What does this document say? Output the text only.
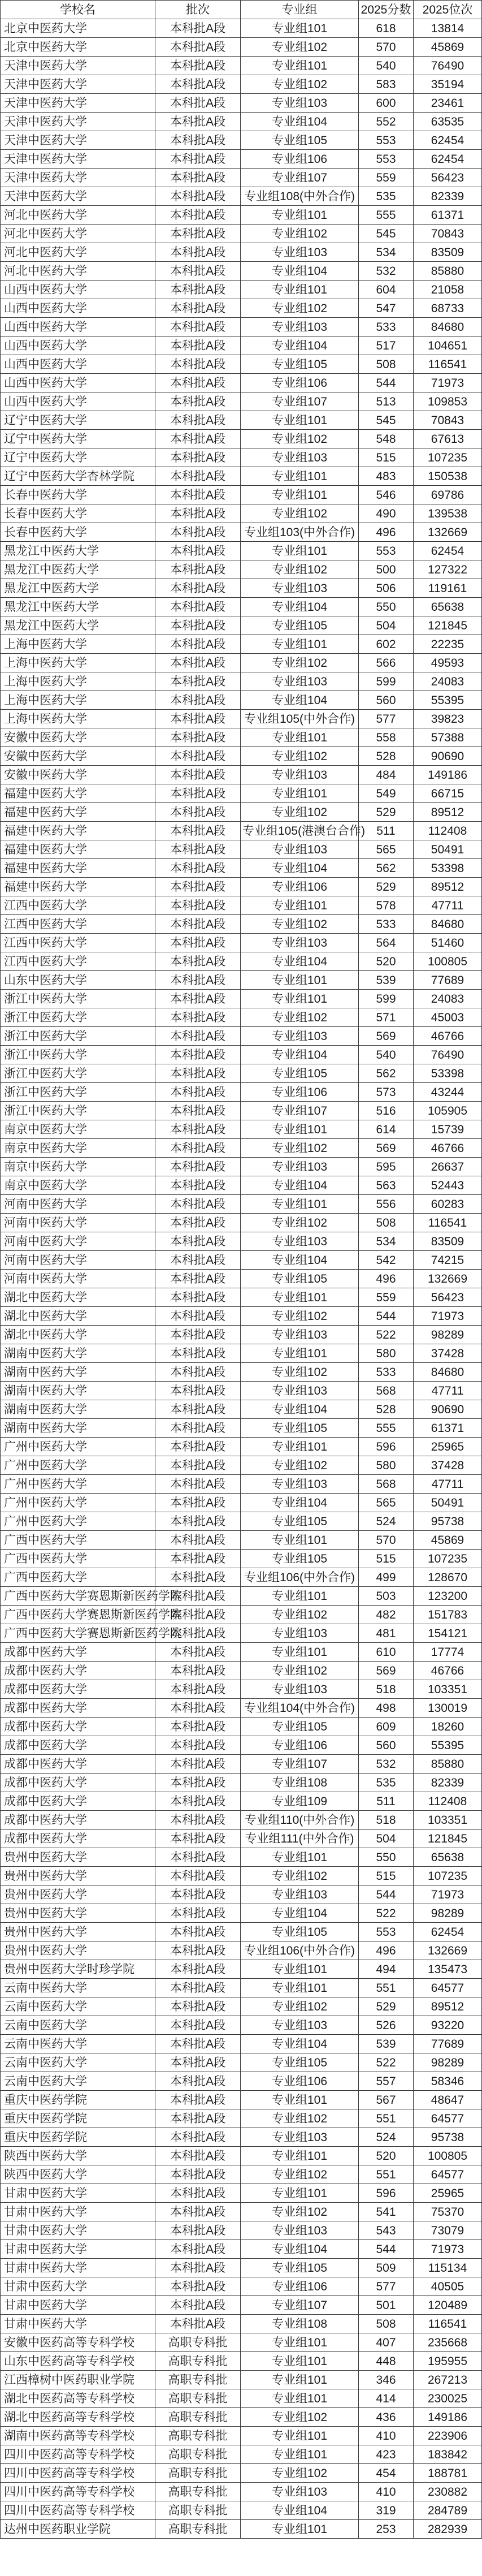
学校名	批次	专业组	2025分数	2025位次
北京中医药大学	本科批A段	专业组101	618	13814
北京中医药大学	本科批A段	专业组102	570	45869
天津中医药大学	本科批A段	专业组101	540	76490
天津中医药大学	本科批A段	专业组102	583	35194
天津中医药大学	本科批A段	专业组103	600	23461
天津中医药大学	本科批A段	专业组104	552	63535
天津中医药大学	本科批A段	专业组105	553	62454
天津中医药大学	本科批A段	专业组106	553	62454
天津中医药大学	本科批A段	专业组107	559	56423
天津中医药大学	本科批A段	专业组108(中外合作)	535	82339
河北中医药大学	本科批A段	专业组101	555	61371
河北中医药大学	本科批A段	专业组102	545	70843
河北中医药大学	本科批A段	专业组103	534	83509
河北中医药大学	本科批A段	专业组104	532	85880
山西中医药大学	本科批A段	专业组101	604	21058
山西中医药大学	本科批A段	专业组102	547	68733
山西中医药大学	本科批A段	专业组103	533	84680
山西中医药大学	本科批A段	专业组104	517	104651
山西中医药大学	本科批A段	专业组105	508	116541
山西中医药大学	本科批A段	专业组106	544	71973
山西中医药大学	本科批A段	专业组107	513	109853
辽宁中医药大学	本科批A段	专业组101	545	70843
辽宁中医药大学	本科批A段	专业组102	548	67613
辽宁中医药大学	本科批A段	专业组103	515	107235
辽宁中医药大学杏林学院	本科批A段	专业组101	483	150538
长春中医药大学	本科批A段	专业组101	546	69786
长春中医药大学	本科批A段	专业组102	490	139538
长春中医药大学	本科批A段	专业组103(中外合作)	496	132669
黑龙江中医药大学	本科批A段	专业组101	553	62454
黑龙江中医药大学	本科批A段	专业组102	500	127322
黑龙江中医药大学	本科批A段	专业组103	506	119161
黑龙江中医药大学	本科批A段	专业组104	550	65638
黑龙江中医药大学	本科批A段	专业组105	504	121845
上海中医药大学	本科批A段	专业组101	602	22235
上海中医药大学	本科批A段	专业组102	566	49593
上海中医药大学	本科批A段	专业组103	599	24083
上海中医药大学	本科批A段	专业组104	560	55395
上海中医药大学	本科批A段	专业组105(中外合作)	577	39823
安徽中医药大学	本科批A段	专业组101	558	57388
安徽中医药大学	本科批A段	专业组102	528	90690
安徽中医药大学	本科批A段	专业组103	484	149186
福建中医药大学	本科批A段	专业组101	549	66715
福建中医药大学	本科批A段	专业组102	529	89512
福建中医药大学	本科批A段	专业组105(港澳台合作)	511	112408
福建中医药大学	本科批A段	专业组103	565	50491
福建中医药大学	本科批A段	专业组104	562	53398
福建中医药大学	本科批A段	专业组106	529	89512
江西中医药大学	本科批A段	专业组101	578	47711
江西中医药大学	本科批A段	专业组102	533	84680
江西中医药大学	本科批A段	专业组103	564	51460
江西中医药大学	本科批A段	专业组104	520	100805
山东中医药大学	本科批A段	专业组101	539	77689
浙江中医药大学	本科批A段	专业组101	599	24083
浙江中医药大学	本科批A段	专业组102	571	45003
浙江中医药大学	本科批A段	专业组103	569	46766
浙江中医药大学	本科批A段	专业组104	540	76490
浙江中医药大学	本科批A段	专业组105	562	53398
浙江中医药大学	本科批A段	专业组106	573	43244
浙江中医药大学	本科批A段	专业组107	516	105905
南京中医药大学	本科批A段	专业组101	614	15739
南京中医药大学	本科批A段	专业组102	569	46766
南京中医药大学	本科批A段	专业组103	595	26637
南京中医药大学	本科批A段	专业组104	563	52443
河南中医药大学	本科批A段	专业组101	556	60283
河南中医药大学	本科批A段	专业组102	508	116541
河南中医药大学	本科批A段	专业组103	534	83509
河南中医药大学	本科批A段	专业组104	542	74215
河南中医药大学	本科批A段	专业组105	496	132669
湖北中医药大学	本科批A段	专业组101	559	56423
湖北中医药大学	本科批A段	专业组102	544	71973
湖北中医药大学	本科批A段	专业组103	522	98289
湖南中医药大学	本科批A段	专业组101	580	37428
湖南中医药大学	本科批A段	专业组102	533	84680
湖南中医药大学	本科批A段	专业组103	568	47711
湖南中医药大学	本科批A段	专业组104	528	90690
湖南中医药大学	本科批A段	专业组105	555	61371
广州中医药大学	本科批A段	专业组101	596	25965
广州中医药大学	本科批A段	专业组102	580	37428
广州中医药大学	本科批A段	专业组103	568	47711
广州中医药大学	本科批A段	专业组104	565	50491
广州中医药大学	本科批A段	专业组105	524	95738
广西中医药大学	本科批A段	专业组101	570	45869
广西中医药大学	本科批A段	专业组105	515	107235
广西中医药大学	本科批A段	专业组106(中外合作)	499	128670
广西中医药大学赛恩斯新医药学院	本科批A段	专业组101	503	123200
广西中医药大学赛恩斯新医药学院	本科批A段	专业组102	482	151783
广西中医药大学赛恩斯新医药学院	本科批A段	专业组103	481	154121
成都中医药大学	本科批A段	专业组101	610	17774
成都中医药大学	本科批A段	专业组102	569	46766
成都中医药大学	本科批A段	专业组103	518	103351
成都中医药大学	本科批A段	专业组104(中外合作)	498	130019
成都中医药大学	本科批A段	专业组105	609	18260
成都中医药大学	本科批A段	专业组106	560	55395
成都中医药大学	本科批A段	专业组107	532	85880
成都中医药大学	本科批A段	专业组108	535	82339
成都中医药大学	本科批A段	专业组109	511	112408
成都中医药大学	本科批A段	专业组110(中外合作)	518	103351
成都中医药大学	本科批A段	专业组111(中外合作)	504	121845
贵州中医药大学	本科批A段	专业组101	550	65638
贵州中医药大学	本科批A段	专业组102	515	107235
贵州中医药大学	本科批A段	专业组103	544	71973
贵州中医药大学	本科批A段	专业组104	522	98289
贵州中医药大学	本科批A段	专业组105	553	62454
贵州中医药大学	本科批A段	专业组106(中外合作)	496	132669
贵州中医药大学时珍学院	本科批A段	专业组101	494	135473
云南中医药大学	本科批A段	专业组101	551	64577
云南中医药大学	本科批A段	专业组102	529	89512
云南中医药大学	本科批A段	专业组103	526	93220
云南中医药大学	本科批A段	专业组104	539	77689
云南中医药大学	本科批A段	专业组105	522	98289
云南中医药大学	本科批A段	专业组106	557	58346
重庆中医药学院	本科批A段	专业组101	567	48647
重庆中医药学院	本科批A段	专业组102	551	64577
重庆中医药学院	本科批A段	专业组103	524	95738
陕西中医药大学	本科批A段	专业组101	520	100805
陕西中医药大学	本科批A段	专业组102	551	64577
甘肃中医药大学	本科批A段	专业组101	596	25965
甘肃中医药大学	本科批A段	专业组102	541	75370
甘肃中医药大学	本科批A段	专业组103	543	73079
甘肃中医药大学	本科批A段	专业组104	544	71973
甘肃中医药大学	本科批A段	专业组105	509	115134
甘肃中医药大学	本科批A段	专业组106	577	40505
甘肃中医药大学	本科批A段	专业组107	501	120489
甘肃中医药大学	本科批A段	专业组108	508	116541
安徽中医药高等专科学校	高职专科批	专业组101	407	235668
山东中医药高等专科学校	高职专科批	专业组101	448	195955
江西樟树中医药职业学院	高职专科批	专业组101	346	267213
湖北中医药高等专科学校	高职专科批	专业组101	414	230025
湖北中医药高等专科学校	高职专科批	专业组102	436	149186
湖南中医药高等专科学校	高职专科批	专业组101	410	223906
四川中医药高等专科学校	高职专科批	专业组101	423	183842
四川中医药高等专科学校	高职专科批	专业组102	454	188781
四川中医药高等专科学校	高职专科批	专业组103	410	230882
四川中医药高等专科学校	高职专科批	专业组104	319	284789
达州中医药职业学院	高职专科批	专业组101	253	282939
